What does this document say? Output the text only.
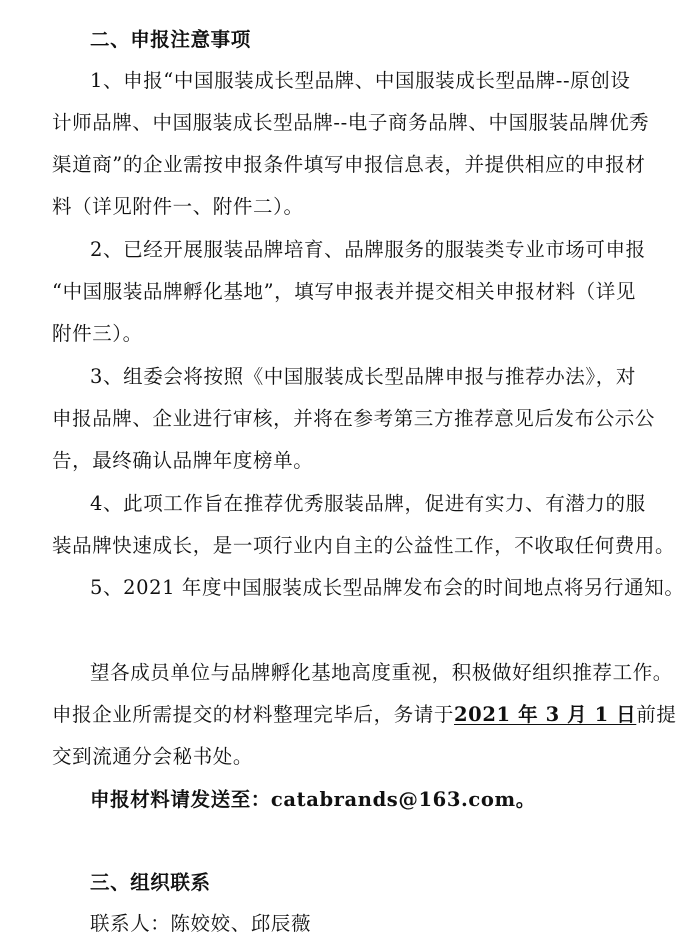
二、申报注意事项
1、申报“中国服装成长型品牌、中国服装成长型品牌--原创设
计师品牌、中国服装成长型品牌--电子商务品牌、中国服装品牌优秀
渠道商”的企业需按申报条件填写申报信息表，并提供相应的申报材
料（详见附件一、附件二）。
2、已经开展服装品牌培育、品牌服务的服装类专业市场可申报
“中国服装品牌孵化基地”，填写申报表并提交相关申报材料（详见
附件三）。
3、组委会将按照《中国服装成长型品牌申报与推荐办法》，对
申报品牌、企业进行审核，并将在参考第三方推荐意见后发布公示公
告，最终确认品牌年度榜单。
4、此项工作旨在推荐优秀服装品牌，促进有实力、有潜力的服
装品牌快速成长，是一项行业内自主的公益性工作，不收取任何费用。
5、2021 年度中国服装成长型品牌发布会的时间地点将另行通知。
望各成员单位与品牌孵化基地高度重视，积极做好组织推荐工作。
申报企业所需提交的材料整理完毕后，务请于2021 年 3 月 1 日前提
交到流通分会秘书处。
申报材料请发送至：catabrands@163.com。
三、组织联系
联系人：陈姣姣、邱辰薇
